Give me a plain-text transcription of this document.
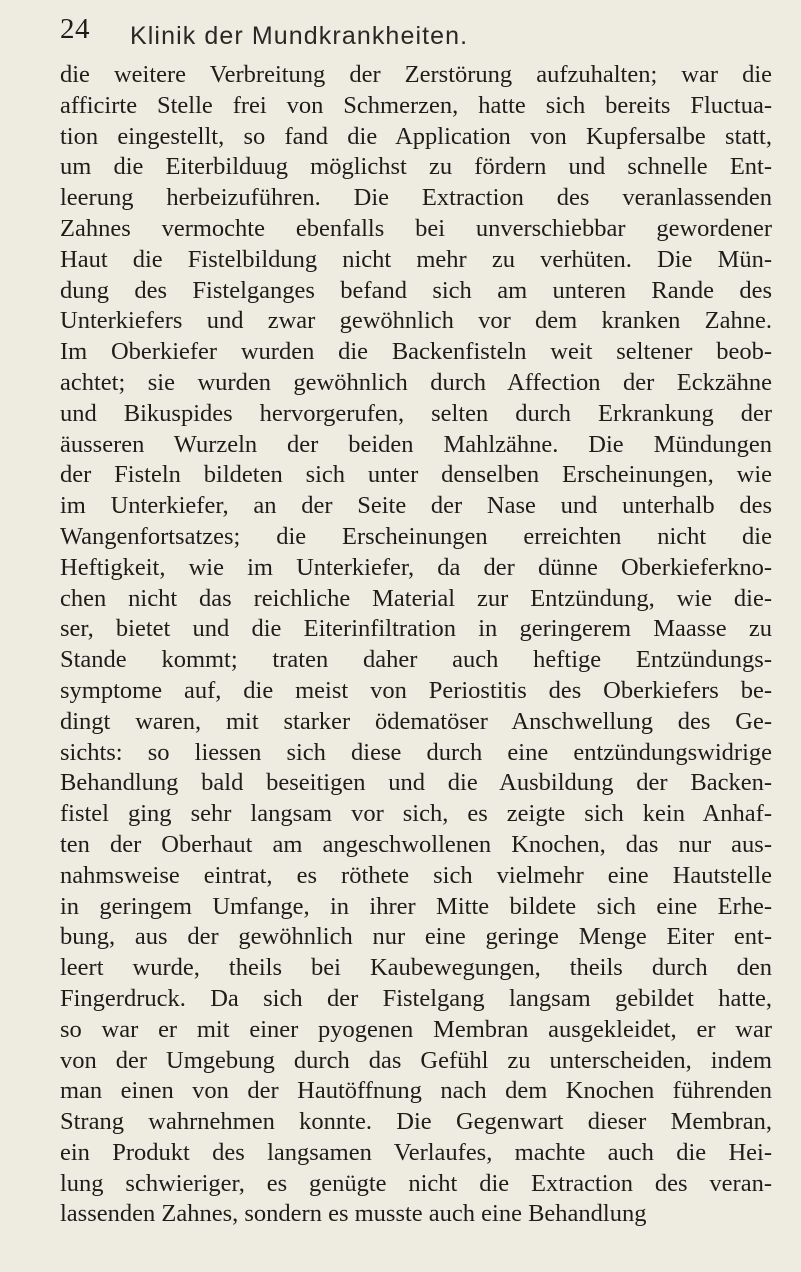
24 Klinik der Mundkrankheiten.
die weitere Verbreitung der Zerstörung aufzuhalten; war die
afficirte Stelle frei von Schmerzen, hatte sich bereits Fluctua-
tion eingestellt, so fand die Application von Kupfersalbe statt,
um die Eiterbilduug möglichst zu fördern und schnelle Ent-
leerung herbeizuführen. Die Extraction des veranlassenden
Zahnes vermochte ebenfalls bei unverschiebbar gewordener
Haut die Fistelbildung nicht mehr zu verhüten. Die Mün-
dung des Fistelganges befand sich am unteren Rande des
Unterkiefers und zwar gewöhnlich vor dem kranken Zahne.
Im Oberkiefer wurden die Backenfisteln weit seltener beob-
achtet; sie wurden gewöhnlich durch Affection der Eckzähne
und Bikuspides hervorgerufen, selten durch Erkrankung der
äusseren Wurzeln der beiden Mahlzähne. Die Mündungen
der Fisteln bildeten sich unter denselben Erscheinungen, wie
im Unterkiefer, an der Seite der Nase und unterhalb des
Wangenfortsatzes; die Erscheinungen erreichten nicht die
Heftigkeit, wie im Unterkiefer, da der dünne Oberkieferkno-
chen nicht das reichliche Material zur Entzündung, wie die-
ser, bietet und die Eiterinfiltration in geringerem Maasse zu
Stande kommt; traten daher auch heftige Entzündungs-
symptome auf, die meist von Periostitis des Oberkiefers be-
dingt waren, mit starker ödematöser Anschwellung des Ge-
sichts: so liessen sich diese durch eine entzündungswidrige
Behandlung bald beseitigen und die Ausbildung der Backen-
fistel ging sehr langsam vor sich, es zeigte sich kein Anhaf-
ten der Oberhaut am angeschwollenen Knochen, das nur aus-
nahmsweise eintrat, es röthete sich vielmehr eine Hautstelle
in geringem Umfange, in ihrer Mitte bildete sich eine Erhe-
bung, aus der gewöhnlich nur eine geringe Menge Eiter ent-
leert wurde, theils bei Kaubewegungen, theils durch den
Fingerdruck. Da sich der Fistelgang langsam gebildet hatte,
so war er mit einer pyogenen Membran ausgekleidet, er war
von der Umgebung durch das Gefühl zu unterscheiden, indem
man einen von der Hautöffnung nach dem Knochen führenden
Strang wahrnehmen konnte. Die Gegenwart dieser Membran,
ein Produkt des langsamen Verlaufes, machte auch die Hei-
lung schwieriger, es genügte nicht die Extraction des veran-
lassenden Zahnes, sondern es musste auch eine Behandlung
